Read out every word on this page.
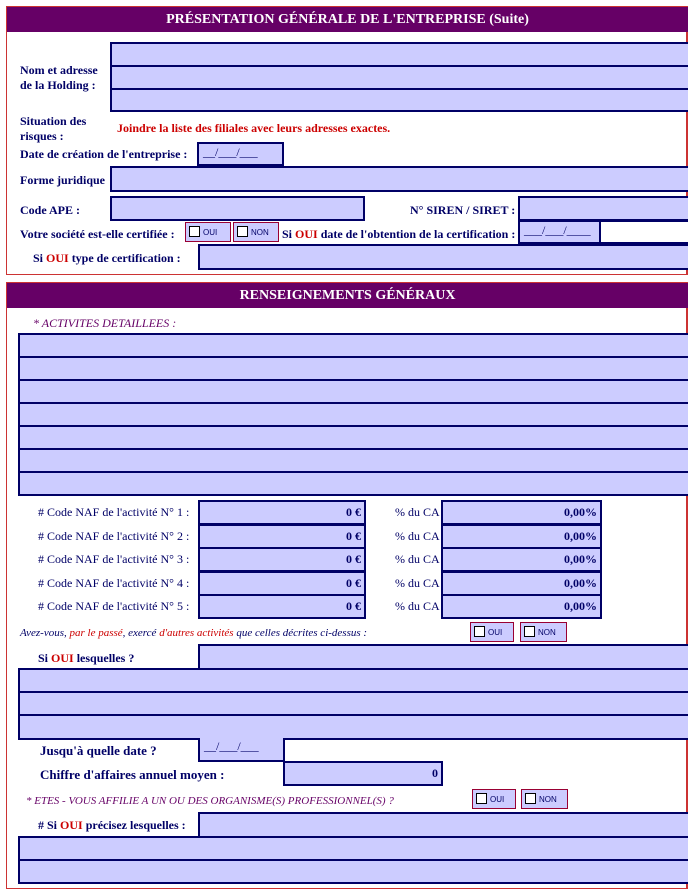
PRÉSENTATION GÉNÉRALE DE L'ENTREPRISE (Suite)
Nom et adresse
de la Holding :
Situation des
risques :
Joindre la liste des filiales avec leurs adresses exactes.
Date de création de l'entreprise : __/___/___
Forme juridique
Code APE :	N° SIREN / SIRET :
Votre société est-elle certifiée :	OUI	NON Si OUI date de l'obtention de la certification : ___/___/____
Si OUI type de certification :
RENSEIGNEMENTS GÉNÉRAUX
* ACTIVITES DETAILLEES :
# Code NAF de l'activité N° 1 :	0 €	% du CA	0,00%
# Code NAF de l'activité N° 2 :	0 €	% du CA	0,00%
# Code NAF de l'activité N° 3 :	0 €	% du CA	0,00%
# Code NAF de l'activité N° 4 :	0 €	% du CA	0,00%
# Code NAF de l'activité N° 5 :	0 €	% du CA	0,00%
Avez-vous, par le passé, exercé d'autres activités que celles décrites ci-dessus :	OUI	NON
Si OUI lesquelles ?
Jusqu'à quelle date ?	__/___/___
Chiffre d'affaires annuel moyen :	0
* ETES - VOUS AFFILIE A UN OU DES ORGANISME(S) PROFESSIONNEL(S) ?	OUI	NON
# Si OUI précisez lesquelles :
